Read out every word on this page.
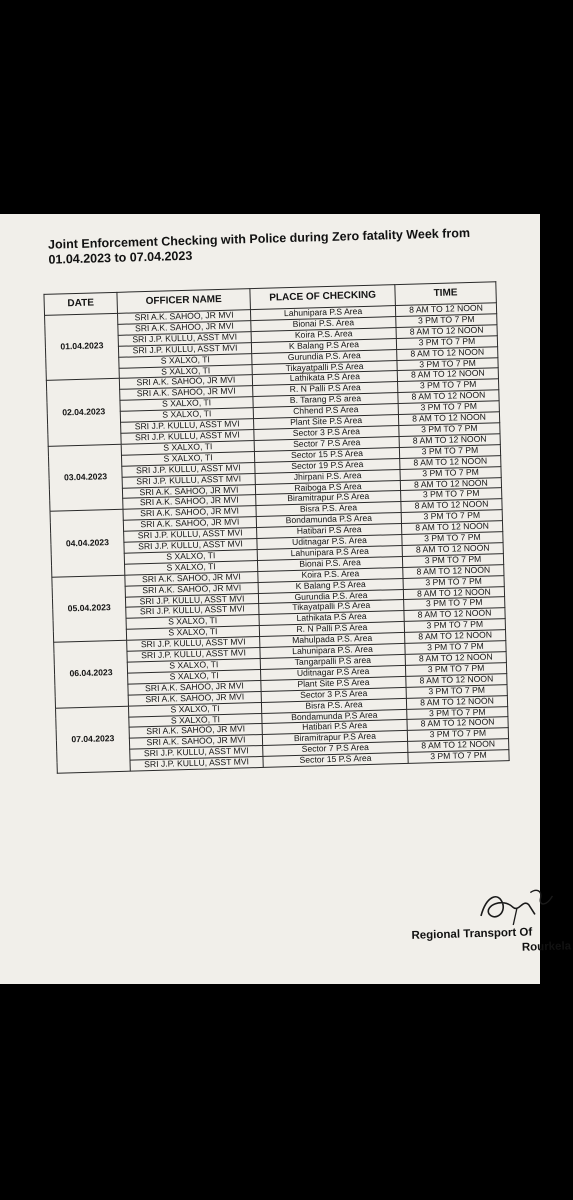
Joint Enforcement Checking with Police during Zero fatality Week from 01.04.2023 to 07.04.2023
DATE	OFFICER NAME	PLACE OF CHECKING	TIME
01.04.2023	SRI A.K. SAHOO, JR MVI	Lahunipara P.S Area	8 AM TO 12 NOON
	SRI A.K. SAHOO, JR MVI	Bionai P.S. Area	3 PM TO 7 PM
	SRI J.P. KULLU, ASST MVI	Koira P.S. Area	8 AM TO 12 NOON
	SRI J.P. KULLU, ASST MVI	K Balang P.S Area	3 PM TO 7 PM
	S XALXO, TI	Gurundia P.S. Area	8 AM TO 12 NOON
	S XALXO, TI	Tikayatpalli P.S Area	3 PM TO 7 PM
02.04.2023	SRI A.K. SAHOO, JR MVI	Lathikata P.S Area	8 AM TO 12 NOON
	SRI A.K. SAHOO, JR MVI	R. N Palli P.S Area	3 PM TO 7 PM
	S XALXO, TI	B. Tarang P.S area	8 AM TO 12 NOON
	S XALXO, TI	Chhend P.S Area	3 PM TO 7 PM
	SRI J.P. KULLU, ASST MVI	Plant Site P.S Area	8 AM TO 12 NOON
	SRI J.P. KULLU, ASST MVI	Sector 3 P.S Area	3 PM TO 7 PM
03.04.2023	S XALXO, TI	Sector 7 P.S Area	8 AM TO 12 NOON
	S XALXO, TI	Sector 15 P.S Area	3 PM TO 7 PM
	SRI J.P. KULLU, ASST MVI	Sector 19 P.S Area	8 AM TO 12 NOON
	SRI J.P. KULLU, ASST MVI	Jhirpani P.S. Area	3 PM TO 7 PM
	SRI A.K. SAHOO, JR MVI	Raiboga P.S Area	8 AM TO 12 NOON
	SRI A.K. SAHOO, JR MVI	Biramitrapur P.S Area	3 PM TO 7 PM
04.04.2023	SRI A.K. SAHOO, JR MVI	Bisra P.S. Area	8 AM TO 12 NOON
	SRI A.K. SAHOO, JR MVI	Bondamunda P.S Area	3 PM TO 7 PM
	SRI J.P. KULLU, ASST MVI	Hatibari P.S Area	8 AM TO 12 NOON
	SRI J.P. KULLU, ASST MVI	Uditnagar P.S. Area	3 PM TO 7 PM
	S XALXO, TI	Lahunipara P.S Area	8 AM TO 12 NOON
	S XALXO, TI	Bionai P.S. Area	3 PM TO 7 PM
05.04.2023	SRI A.K. SAHOO, JR MVI	Koira P.S. Area	8 AM TO 12 NOON
	SRI A.K. SAHOO, JR MVI	K Balang P.S Area	3 PM TO 7 PM
	SRI J.P. KULLU, ASST MVI	Gurundia P.S. Area	8 AM TO 12 NOON
	SRI J.P. KULLU, ASST MVI	Tikayatpalli P.S Area	3 PM TO 7 PM
	S XALXO, TI	Lathikata P.S Area	8 AM TO 12 NOON
	S XALXO, TI	R. N Palli P.S Area	3 PM TO 7 PM
06.04.2023	SRI J.P. KULLU, ASST MVI	Mahulpada P.S. Area	8 AM TO 12 NOON
	SRI J.P. KULLU, ASST MVI	Lahunipara P.S. Area	3 PM TO 7 PM
	S XALXO, TI	Tangarpalli P.S area	8 AM TO 12 NOON
	S XALXO, TI	Uditnagar P.S Area	3 PM TO 7 PM
	SRI A.K. SAHOO, JR MVI	Plant Site P.S Area	8 AM TO 12 NOON
	SRI A.K. SAHOO, JR MVI	Sector 3 P.S Area	3 PM TO 7 PM
07.04.2023	S XALXO, TI	Bisra P.S. Area	8 AM TO 12 NOON
	S XALXO, TI	Bondamunda P.S Area	3 PM TO 7 PM
	SRI A.K. SAHOO, JR MVI	Hatibari P.S Area	8 AM TO 12 NOON
	SRI A.K. SAHOO, JR MVI	Biramitrapur P.S Area	3 PM TO 7 PM
	SRI J.P. KULLU, ASST MVI	Sector 7 P.S Area	8 AM TO 12 NOON
	SRI J.P. KULLU, ASST MVI	Sector 15 P.S Area	3 PM TO 7 PM
Regional Transport Of
Rourkela
